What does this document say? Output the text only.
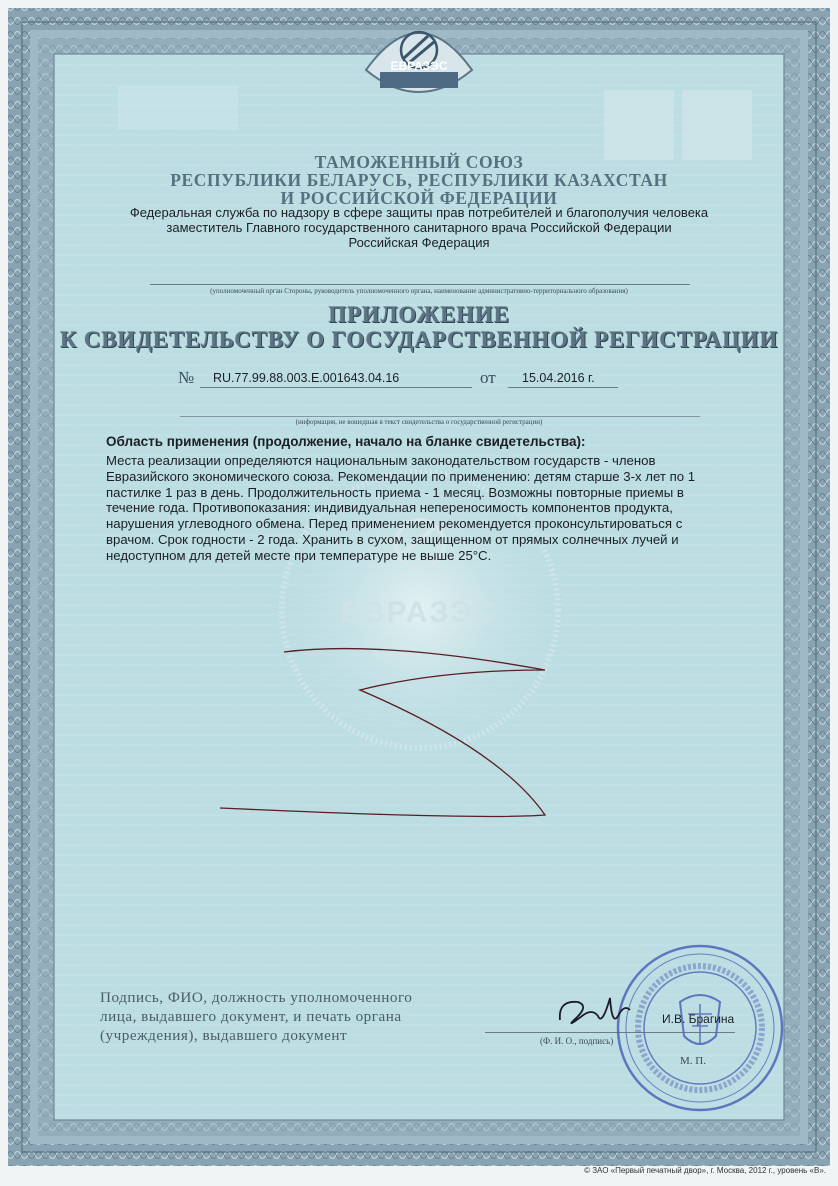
ЕВРАЗЭС
ЕВРАЗЭС
ТАМОЖЕННЫЙ СОЮЗ
РЕСПУБЛИКИ БЕЛАРУСЬ, РЕСПУБЛИКИ КАЗАХСТАН
И РОССИЙСКОЙ ФЕДЕРАЦИИ
Федеральная служба по надзору в сфере защиты прав потребителей и благополучия человека
заместитель Главного государственного санитарного врача Российской Федерации
Российская Федерация
(уполномоченный орган Стороны, руководитель уполномоченного органа, наименование административно-территориального образования)
ПРИЛОЖЕНИЕ
К СВИДЕТЕЛЬСТВУ О ГОСУДАРСТВЕННОЙ РЕГИСТРАЦИИ
№ RU.77.99.88.003.Е.001643.04.16	от 15.04.2016 г.
(информация, не вошедшая в текст свидетельства о государственной регистрации)
Область применения (продолжение, начало на бланке свидетельства):
Места реализации определяются национальным законодательством государств - членов
Евразийского экономического союза. Рекомендации по применению: детям старше 3-х лет по 1
пастилке 1 раз в день. Продолжительность приема - 1 месяц. Возможны повторные приемы в
течение года. Противопоказания: индивидуальная непереносимость компонентов продукта,
нарушения углеводного обмена. Перед применением рекомендуется проконсультироваться с
врачом. Срок годности - 2 года. Хранить в сухом, защищенном от прямых солнечных лучей и
недоступном для детей месте при температуре не выше 25°С.
Подпись, ФИО, должность уполномоченного
лица, выдавшего документ, и печать органа
(учреждения), выдавшего документ
М. П.
И.В. Брагина
(Ф. И. О., подпись)
© ЗАО «Первый печатный двор», г. Москва, 2012 г., уровень «В».
